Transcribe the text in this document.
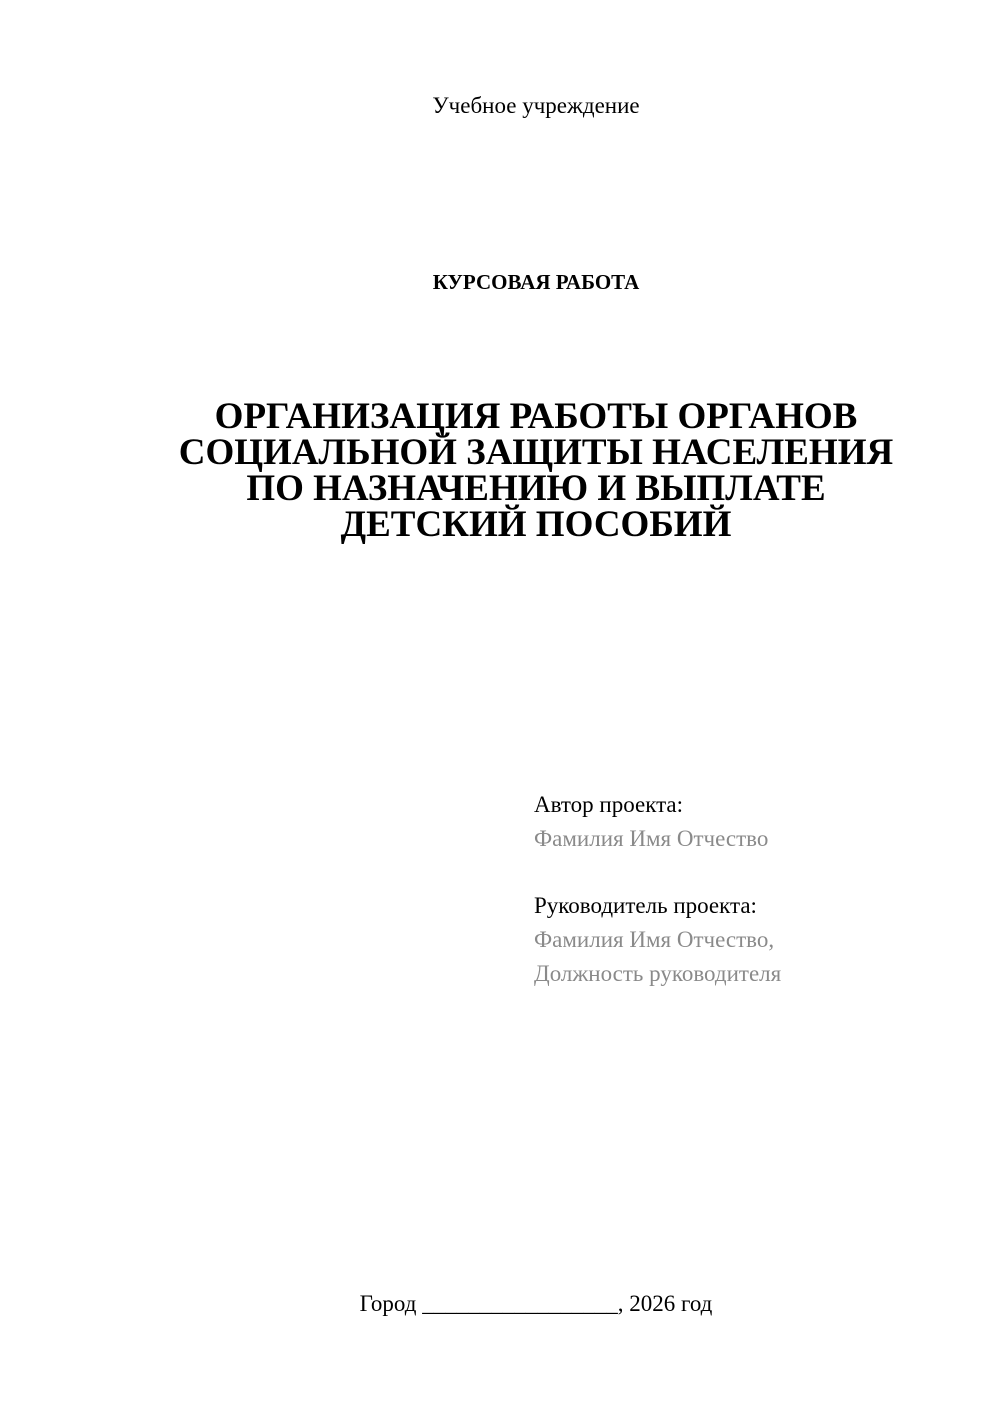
Учебное учреждение
КУРСОВАЯ РАБОТА
ОРГАНИЗАЦИЯ РАБОТЫ ОРГАНОВ
СОЦИАЛЬНОЙ ЗАЩИТЫ НАСЕЛЕНИЯ
ПО НАЗНАЧЕНИЮ И ВЫПЛАТЕ
ДЕТСКИЙ ПОСОБИЙ
Автор проекта:
Фамилия Имя Отчество
Руководитель проекта:
Фамилия Имя Отчество,
Должность руководителя
Город _________________, 2026 год
